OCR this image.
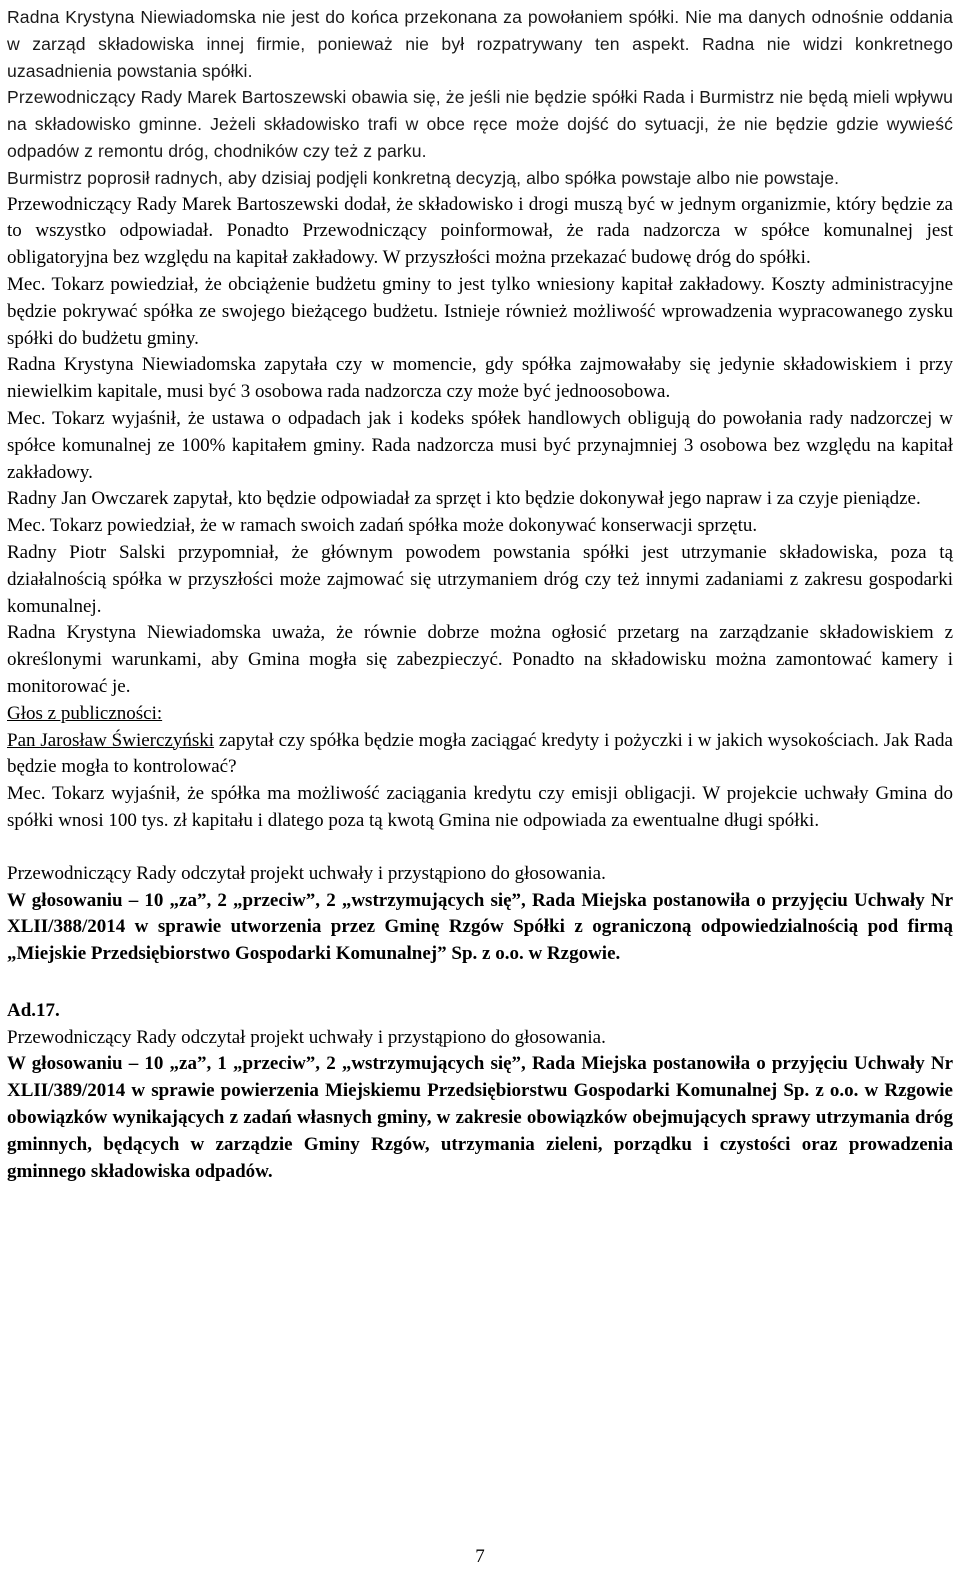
Radna Krystyna Niewiadomska nie jest do końca przekonana za powołaniem spółki. Nie ma danych odnośnie oddania w zarząd składowiska innej firmie, ponieważ nie był rozpatrywany ten aspekt. Radna nie widzi konkretnego uzasadnienia powstania spółki.

Przewodniczący Rady Marek Bartoszewski obawia się, że jeśli nie będzie spółki Rada i Burmistrz nie będą mieli wpływu na składowisko gminne. Jeżeli składowisko trafi w obce ręce może dojść do sytuacji, że nie będzie gdzie wywieść odpadów z remontu dróg, chodników czy też z parku.

Burmistrz poprosił radnych, aby dzisiaj podjęli konkretną decyzją, albo spółka powstaje albo nie powstaje.

Przewodniczący Rady Marek Bartoszewski dodał, że składowisko i drogi muszą być w jednym organizmie, który będzie za to wszystko odpowiadał. Ponadto Przewodniczący poinformował, że rada nadzorcza w spółce komunalnej jest obligatoryjna bez względu na kapitał zakładowy. W przyszłości można przekazać budowę dróg do spółki.

Mec. Tokarz powiedział, że obciążenie budżetu gminy to jest tylko wniesiony kapitał zakładowy. Koszty administracyjne będzie pokrywać spółka ze swojego bieżącego budżetu. Istnieje również możliwość wprowadzenia wypracowanego zysku spółki do budżetu gminy.

Radna Krystyna Niewiadomska zapytała czy w momencie, gdy spółka zajmowałaby się jedynie składowiskiem i przy niewielkim kapitale, musi być 3 osobowa rada nadzorcza czy może być jednoosobowa.

Mec. Tokarz wyjaśnił, że ustawa o odpadach jak i kodeks spółek handlowych obligują do powołania rady nadzorczej w spółce komunalnej ze 100% kapitałem gminy. Rada nadzorcza musi być przynajmniej 3 osobowa bez względu na kapitał zakładowy.

Radny Jan Owczarek zapytał, kto będzie odpowiadał za sprzęt i kto będzie dokonywał jego napraw i za czyje pieniądze.

Mec. Tokarz powiedział, że w ramach swoich zadań spółka może dokonywać konserwacji sprzętu.

Radny Piotr Salski przypomniał, że głównym powodem powstania spółki jest utrzymanie składowiska, poza tą działalnością spółka w przyszłości może zajmować się utrzymaniem dróg czy też innymi zadaniami z zakresu gospodarki komunalnej.

Radna Krystyna Niewiadomska uważa, że równie dobrze można ogłosić przetarg na zarządzanie składowiskiem z określonymi warunkami, aby Gmina mogła się zabezpieczyć. Ponadto na składowisku można zamontować kamery i monitorować je.

Głos z publiczności:

Pan Jarosław Świerczyński zapytał czy spółka będzie mogła zaciągać kredyty i pożyczki i w jakich wysokościach. Jak Rada będzie mogła to kontrolować?

Mec. Tokarz wyjaśnił, że spółka ma możliwość zaciągania kredytu czy emisji obligacji. W projekcie uchwały Gmina do spółki wnosi 100 tys. zł kapitału i dlatego poza tą kwotą Gmina nie odpowiada za ewentualne długi spółki.

Przewodniczący Rady odczytał projekt uchwały i przystąpiono do głosowania.

W głosowaniu – 10 „za”, 2 „przeciw”, 2 „wstrzymujących się”, Rada Miejska postanowiła o przyjęciu Uchwały Nr XLII/388/2014 w sprawie utworzenia przez Gminę Rzgów Spółki z ograniczoną odpowiedzialnością pod firmą „Miejskie Przedsiębiorstwo Gospodarki Komunalnej” Sp. z o.o. w Rzgowie.

Ad.17.

Przewodniczący Rady odczytał projekt uchwały i przystąpiono do głosowania.

W głosowaniu – 10 „za”, 1 „przeciw”, 2 „wstrzymujących się”, Rada Miejska postanowiła o przyjęciu Uchwały Nr XLII/389/2014 w sprawie powierzenia Miejskiemu Przedsiębiorstwu Gospodarki Komunalnej Sp. z o.o. w Rzgowie obowiązków wynikających z zadań własnych gminy, w zakresie obowiązków obejmujących sprawy utrzymania dróg gminnych, będących w zarządzie Gminy Rzgów, utrzymania zieleni, porządku i czystości oraz prowadzenia gminnego składowiska odpadów.

7
